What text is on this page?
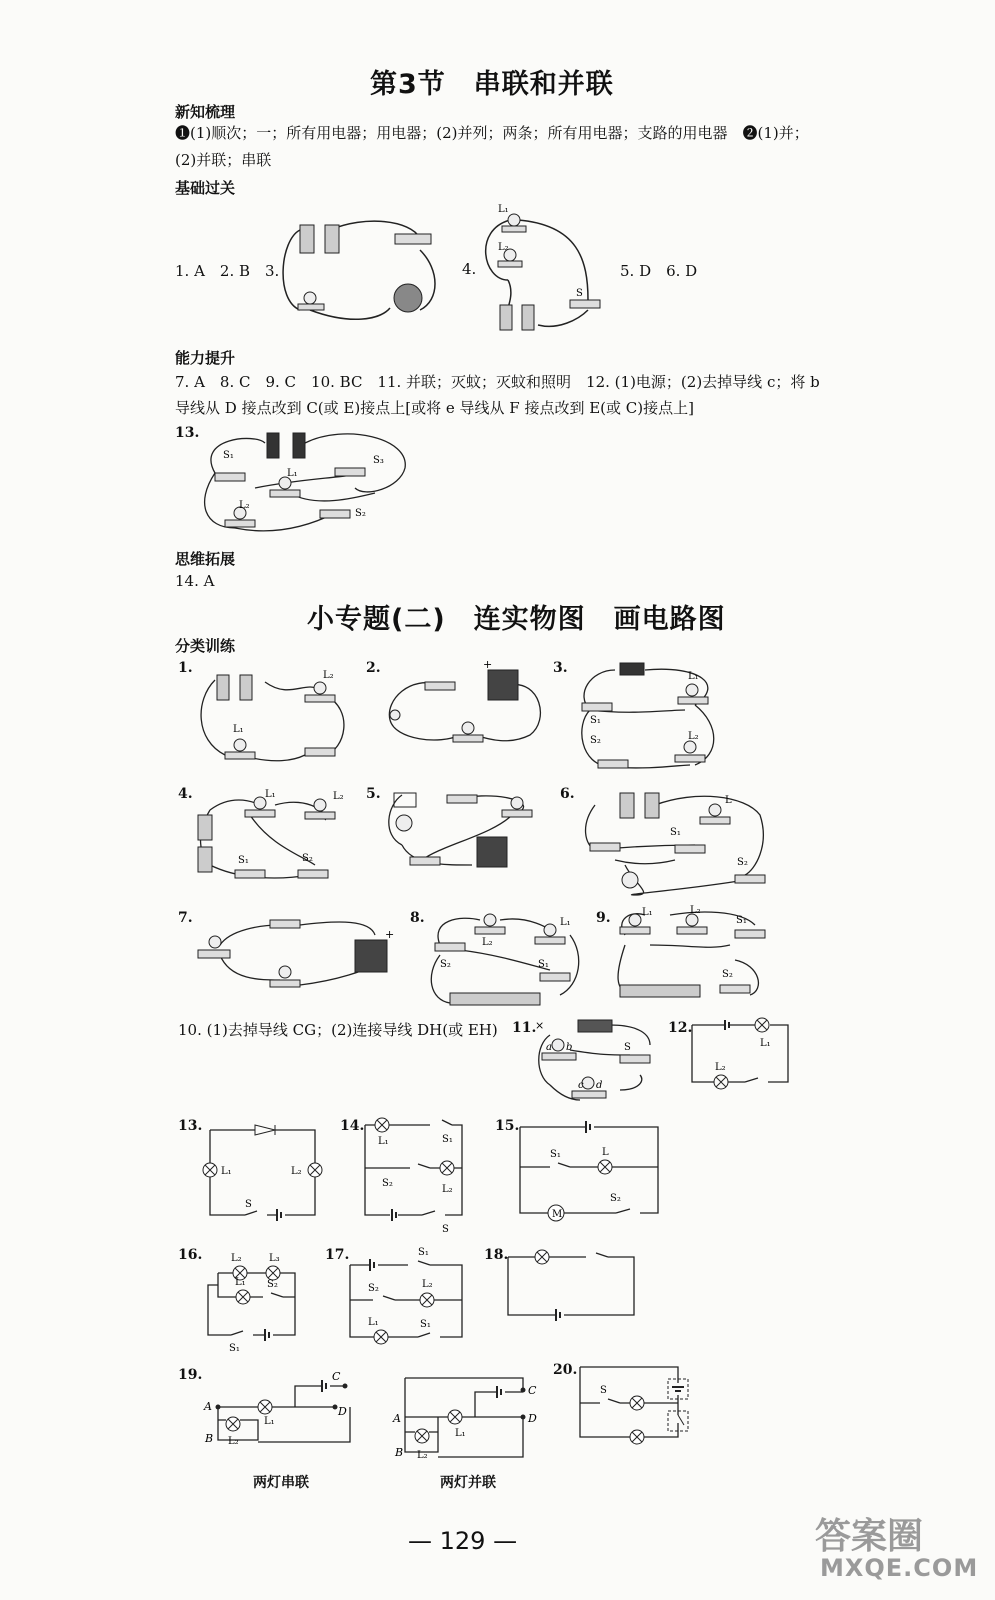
第3节　串联和并联
新知梳理
❶(1)顺次；一；所有用电器；用电器；(2)并列；两条；所有用电器；支路的用电器　❷(1)并；
(2)并联；串联
基础过关
1. A　2. B　3.	4.	5. D　6. D
L₁
L₂
S
能力提升
7. A　8. C　9. C　10. BC　11. 并联；灭蚊；灭蚊和照明　12. (1)电源；(2)去掉导线 c；将 b
导线从 D 接点改到 C(或 E)接点上[或将 e 导线从 F 接点改到 E(或 C)接点上]
13.
S₁	S₃
L₁
L₂
S₂
思维拓展
14. A
小专题(二)　连实物图　画电路图
分类训练
1.	L₂
L₁
2.	+	3.
L₁
S₁
S₂	L₂
4.	L₁	L₂
S₁	S₂
5.	6.	L
S₁
S₂
7.
+
8.
L₂
L₁
S₂	S₁
9.	L₁	L₂
S₁
S₂
10. (1)去掉导线 CG；(2)连接导线 DH(或 EH) 11.
×
a b
c d
S
12.
L₁
L₂
13.
L₁	L₂
S
14.
L₁	S₁
S₂
L₂
S
15.
M
S₁	L
S₂
16.	L₂	L₃
L₁ S₂
S₁
17.	S₁
S₂	L₂
L₁	S₁
18.
19.
A
B
C
D
L₁
L₂
两灯串联	两灯并联
A
B
C
D
L₁
L₂
20.
S
— 129 —	答案圈
MXQE.COM
